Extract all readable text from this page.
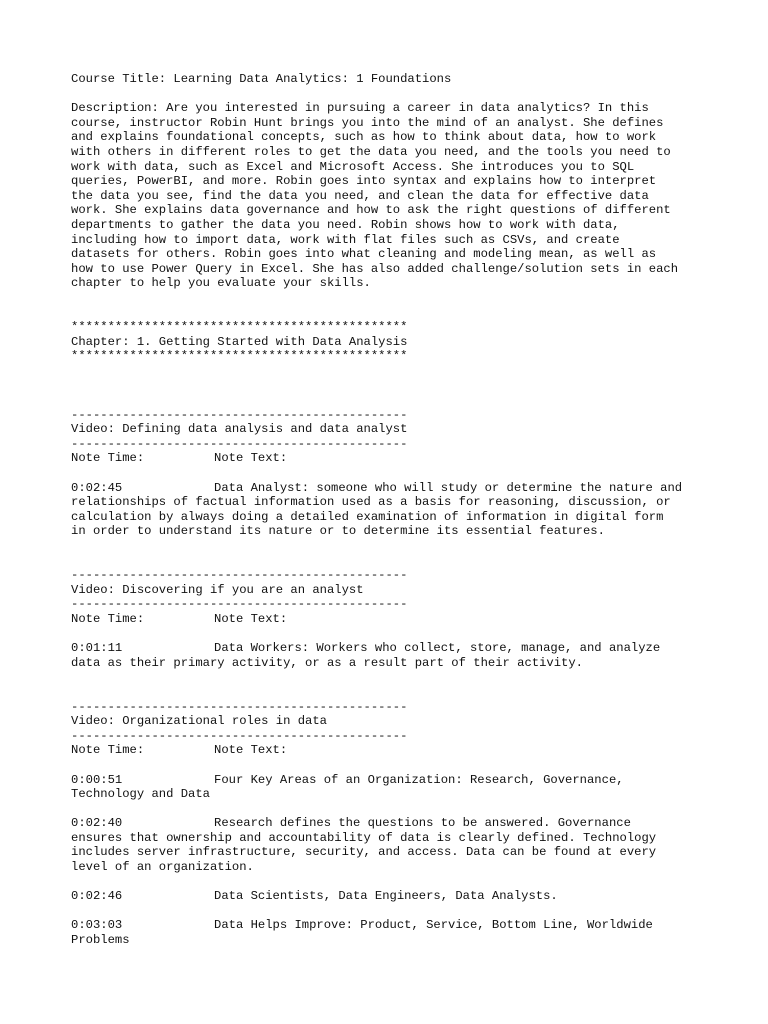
Course Title: Learning Data Analytics: 1 Foundations
Description: Are you interested in pursuing a career in data analytics? In this
course, instructor Robin Hunt brings you into the mind of an analyst. She defines
and explains foundational concepts, such as how to think about data, how to work
with others in different roles to get the data you need, and the tools you need to
work with data, such as Excel and Microsoft Access. She introduces you to SQL
queries, PowerBI, and more. Robin goes into syntax and explains how to interpret
the data you see, find the data you need, and clean the data for effective data
work. She explains data governance and how to ask the right questions of different
departments to gather the data you need. Robin shows how to work with data,
including how to import data, work with flat files such as CSVs, and create
datasets for others. Robin goes into what cleaning and modeling mean, as well as
how to use Power Query in Excel. She has also added challenge/solution sets in each
chapter to help you evaluate your skills.
**********************************************
Chapter: 1. Getting Started with Data Analysis
**********************************************
----------------------------------------------
Video: Defining data analysis and data analyst
----------------------------------------------
Note Time:	Note Text:
0:02:45	Data Analyst: someone who will study or determine the nature and
relationships of factual information used as a basis for reasoning, discussion, or
calculation by always doing a detailed examination of information in digital form
in order to understand its nature or to determine its essential features.
----------------------------------------------
Video: Discovering if you are an analyst
----------------------------------------------
Note Time:	Note Text:
0:01:11	Data Workers: Workers who collect, store, manage, and analyze
data as their primary activity, or as a result part of their activity.
----------------------------------------------
Video: Organizational roles in data
----------------------------------------------
Note Time:	Note Text:
0:00:51	Four Key Areas of an Organization: Research, Governance,
Technology and Data
0:02:40	Research defines the questions to be answered. Governance
ensures that ownership and accountability of data is clearly defined. Technology
includes server infrastructure, security, and access. Data can be found at every
level of an organization.
0:02:46	Data Scientists, Data Engineers, Data Analysts.
0:03:03	Data Helps Improve: Product, Service, Bottom Line, Worldwide
Problems
